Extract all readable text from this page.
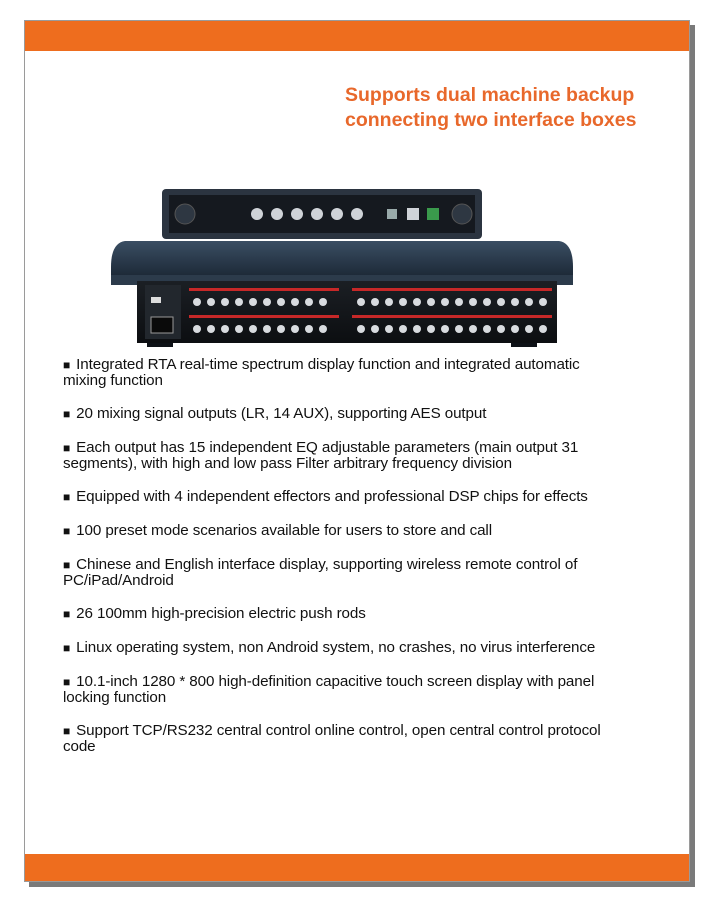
Supports dual machine backup
connecting two interface boxes
■ Integrated RTA real-time spectrum display function and integrated automatic mixing function
■ 20 mixing signal outputs (LR, 14 AUX), supporting AES output
■ Each output has 15 independent EQ adjustable parameters (main output 31 segments), with high and low pass Filter arbitrary frequency division
■ Equipped with 4 independent effectors and professional DSP chips for effects
■ 100 preset mode scenarios available for users to store and call
■ Chinese and English interface display, supporting wireless remote control of PC/iPad/Android
■ 26 100mm high-precision electric push rods
■ Linux operating system, non Android system, no crashes, no virus interference
■ 10.1-inch 1280 * 800 high-definition capacitive touch screen display with panel locking function
■ Support TCP/RS232 central control online control, open central control protocol code
